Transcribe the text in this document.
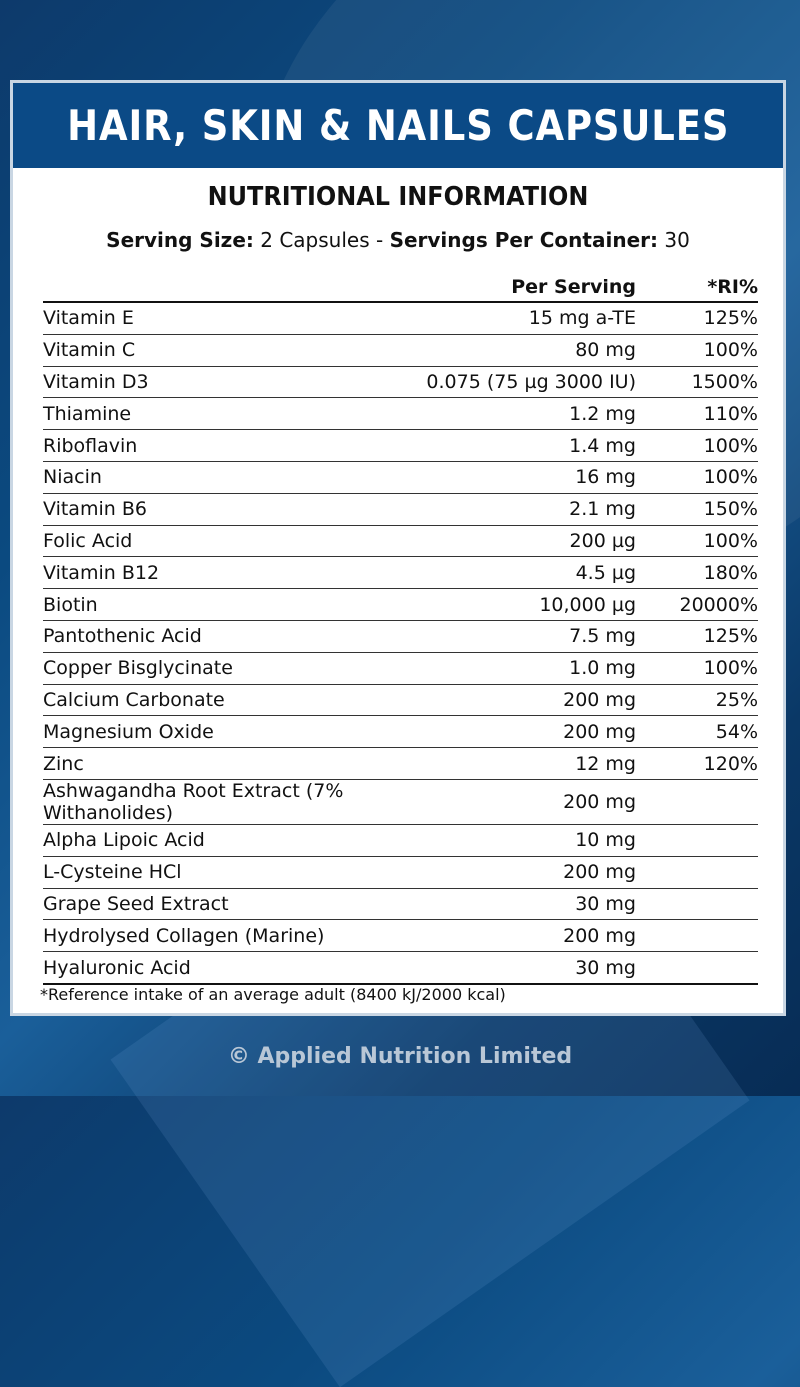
HAIR, SKIN & NAILS CAPSULES
NUTRITIONAL INFORMATION
Serving Size: 2 Capsules - Servings Per Container: 30
	Per Serving	*RI%
Vitamin E	15 mg a-TE	125%
Vitamin C	80 mg	100%
Vitamin D3	0.075 (75 µg 3000 IU)	1500%
Thiamine	1.2 mg	110%
Riboflavin	1.4 mg	100%
Niacin	16 mg	100%
Vitamin B6	2.1 mg	150%
Folic Acid	200 µg	100%
Vitamin B12	4.5 µg	180%
Biotin	10,000 µg	20000%
Pantothenic Acid	7.5 mg	125%
Copper Bisglycinate	1.0 mg	100%
Calcium Carbonate	200 mg	25%
Magnesium Oxide	200 mg	54%
Zinc	12 mg	120%
Ashwagandha Root Extract (7% Withanolides)	200 mg	
Alpha Lipoic Acid	10 mg	
L-Cysteine HCl	200 mg	
Grape Seed Extract	30 mg	
Hydrolysed Collagen (Marine)	200 mg	
Hyaluronic Acid	30 mg	
*Reference intake of an average adult (8400 kJ/2000 kcal)
© Applied Nutrition Limited
